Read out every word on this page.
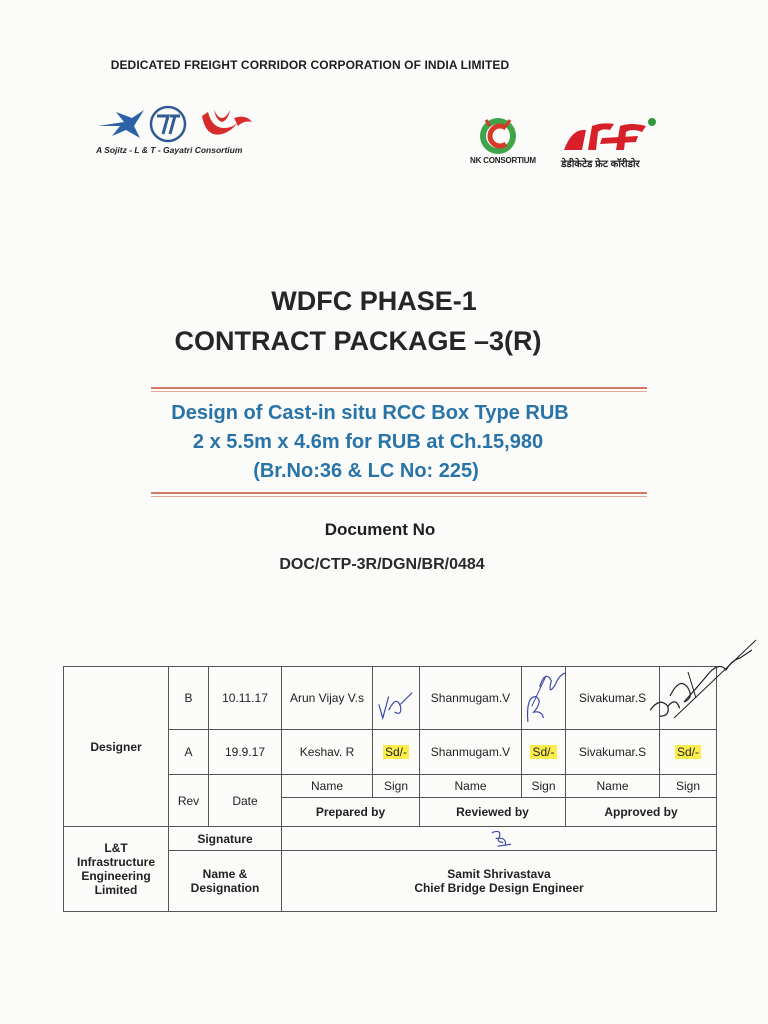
DEDICATED FREIGHT CORRIDOR CORPORATION OF INDIA LIMITED
A Sojitz - L & T - Gayatri Consortium
NK CONSORTIUM	डेडीकेटेड फ्रेट कॉरीडोर
WDFC PHASE-1
CONTRACT PACKAGE –3(R)
Design of Cast-in situ RCC Box Type RUB
2 x 5.5m x 4.6m for RUB at Ch.15,980
(Br.No:36 & LC No: 225)
Document No
DOC/CTP-3R/DGN/BR/0484
Designer	B	10.11.17	Arun Vijay V.s		Shanmugam.V		Sivakumar.S	

	A	19.9.17	Keshav. R	Sd/-	Shanmugam.V	Sd/-	Sivakumar.S	Sd/-
	Rev	Date	Name	Sign	Name	Sign	Name	Sign
			Prepared by		Reviewed by		Approved by	
L&T Infrastructure Engineering Limited	Signature	

	Name & Designation		Samit Shrivastava
Chief Bridge Design Engineer					
